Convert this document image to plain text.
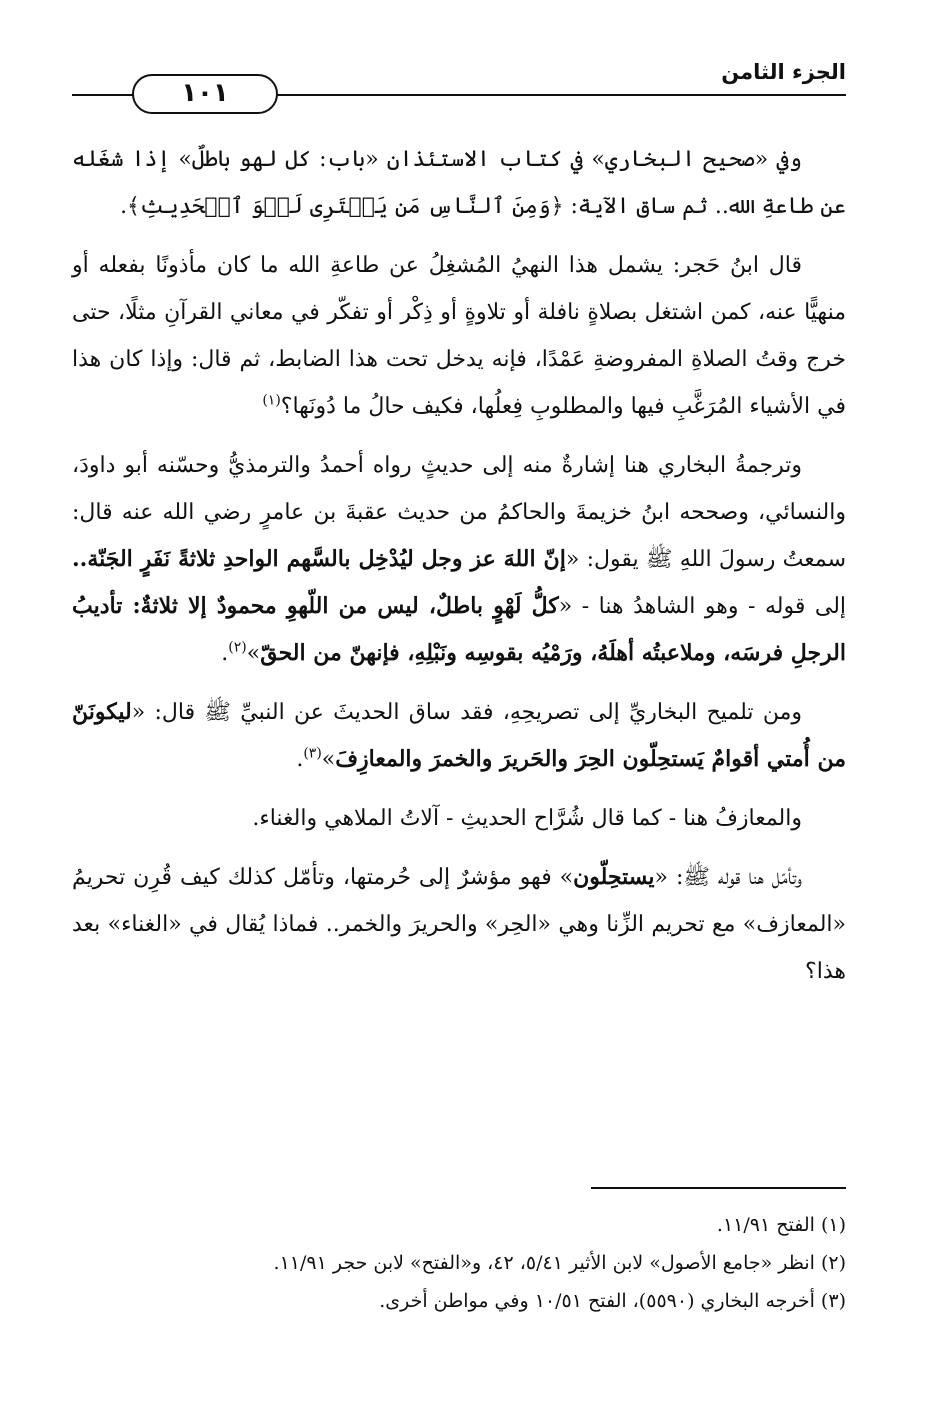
الجزء الثامن
١٠١

وفي «صحيح البخاري» في كتاب الاستئذان «باب: كل لهو باطلٌ» إذا شغَله عن طاعةِ الله.. ثم ساق الآية: ﴿وَمِنَ ٱلنَّاسِ مَن يَشۡتَرِى لَهۡوَ ٱلۡحَدِيثِ﴾.

قال ابنُ حَجر: يشمل هذا النهيُ المُشغِلُ عن طاعةِ الله ما كان مأذونًا بفعله أو منهيًّا عنه، كمن اشتغل بصلاةٍ نافلة أو تلاوةٍ أو ذِكْر أو تفكّر في معاني القرآنِ مثلًا، حتى خرج وقتُ الصلاةِ المفروضةِ عَمْدًا، فإنه يدخل تحت هذا الضابط، ثم قال: وإذا كان هذا في الأشياء المُرَغَّبِ فيها والمطلوبِ فِعلُها، فكيف حالُ ما دُونَها؟$^{(١)}$

وترجمةُ البخاري هنا إشارةٌ منه إلى حديثٍ رواه أحمدُ والترمذيُّ وحسّنه أبو داودَ، والنسائي، وصححه ابنُ خزيمةَ والحاكمُ من حديث عقبةَ بن عامرٍ رضي الله عنه قال: سمعتُ رسولَ اللهِ ﷺ يقول: «إنّ اللهَ عز وجل ليُدْخِل بالسَّهم الواحدِ ثلاثةً نَفَرٍ الجَنّة.. إلى قوله - وهو الشاهدُ هنا - «كلُّ لَهْوٍ باطلٌ، ليس من اللّهوِ محمودٌ إلا ثلاثةٌ: تأديبُ الرجلِ فرسَه، وملاعبتُه أهلَهُ، ورَمْيُه بقوسِه ونَبْلِهِ، فإنهنّ من الحقّ»$^{(٢)}$.

ومن تلميح البخاريِّ إلى تصريحِهِ، فقد ساق الحديثَ عن النبيِّ ﷺ قال: «ليكونَنّ من أُمتي أقوامٌ يَستحِلّون الحِرَ والحَريرَ والخمرَ والمعازِفَ»$^{(٣)}$.

والمعازفُ هنا - كما قال شُرَّاح الحديثِ - آلاتُ الملاهي والغناء.

وتأمّل هنا قوله ﷺ: «يستحِلّون» فهو مؤشرٌ إلى حُرمتها، وتأمّل كذلك كيف قُرِن تحريمُ «المعازف» مع تحريم الزِّنا وهي «الحِر» والحريرَ والخمر.. فماذا يُقال في «الغناء» بعد هذا؟

(١) الفتح ١١/٩١.
(٢) انظر «جامع الأصول» لابن الأثير ٥/٤١، ٤٢، و«الفتح» لابن حجر ١١/٩١.
(٣) أخرجه البخاري (٥٥٩٠)، الفتح ١٠/٥١ وفي مواطن أخرى.
